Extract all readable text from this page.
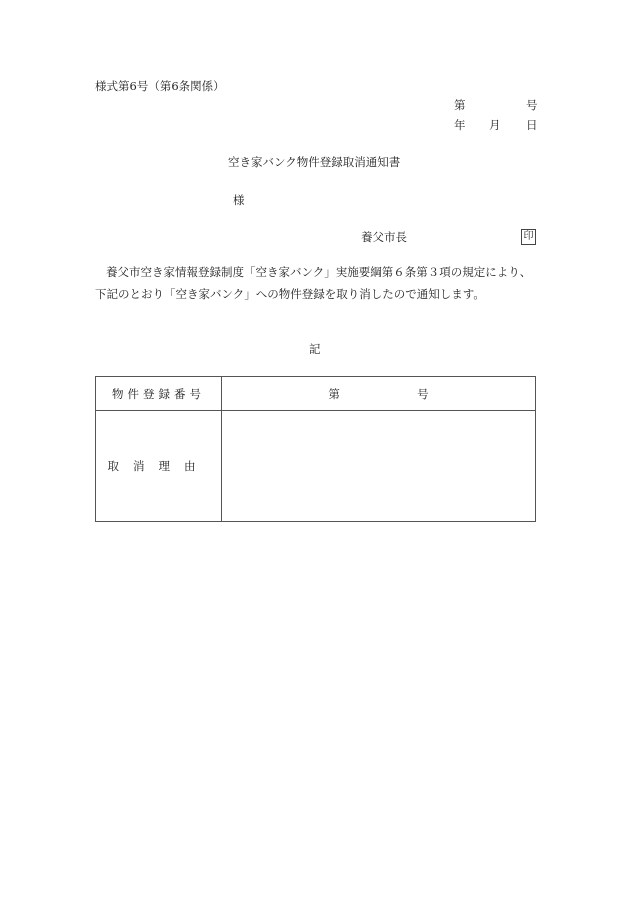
様式第6号（第6条関係）
第	号
年 月 日
空き家バンク物件登録取消通知書
様
養父市長	印
養父市空き家情報登録制度「空き家バンク」実施要綱第６条第３項の規定により、
下記のとおり「空き家バンク」への物件登録を取り消したので通知します。
記
物件登録番号	第 号
取消理由	
